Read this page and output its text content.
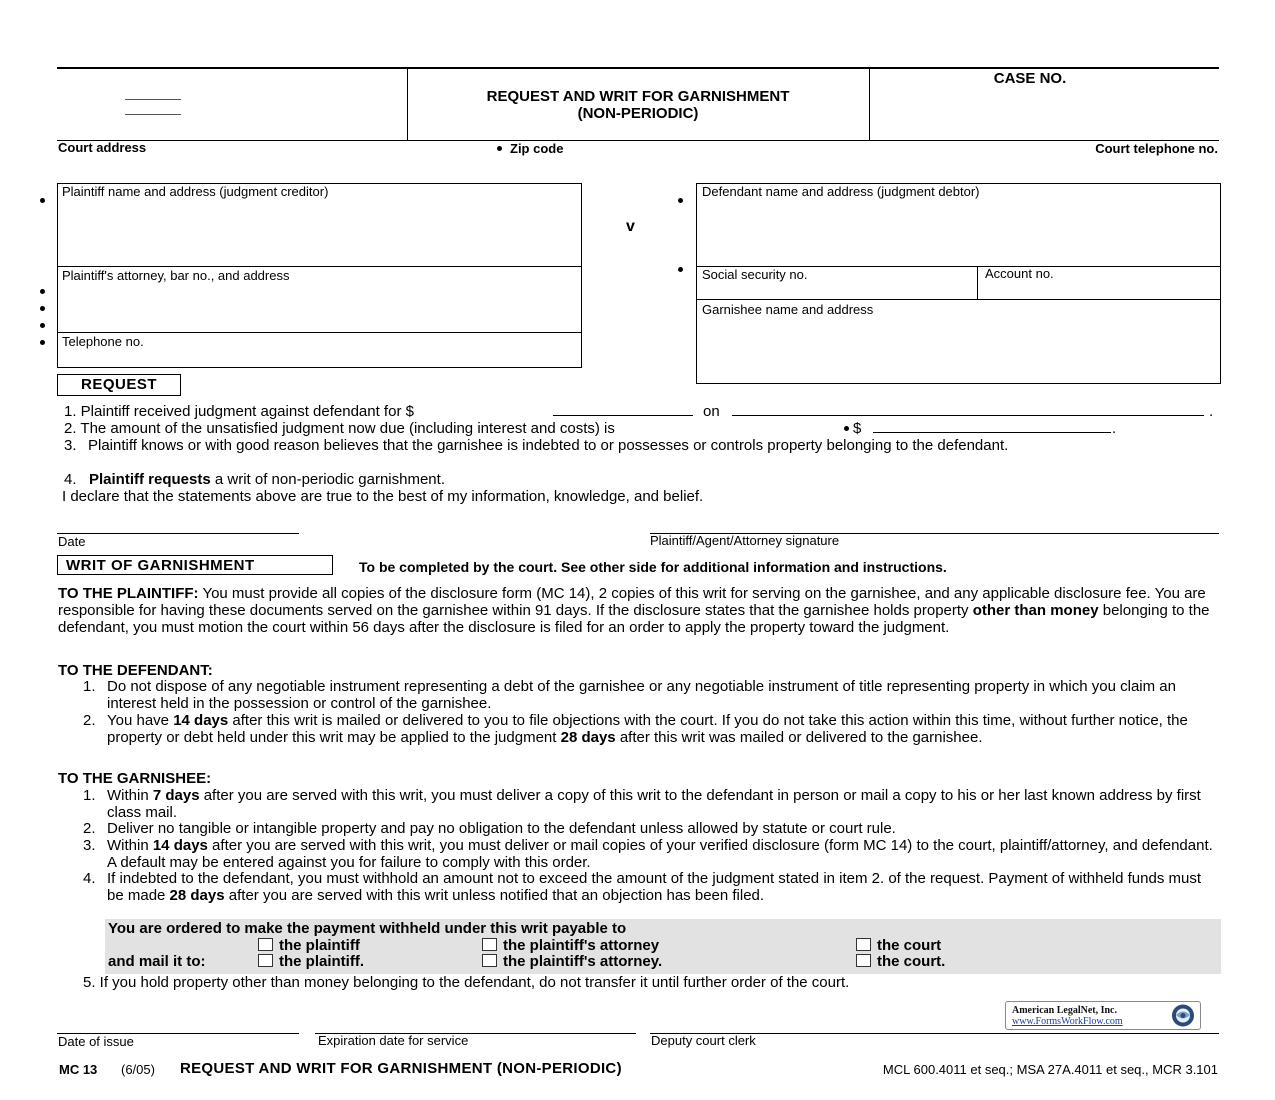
REQUEST AND WRIT FOR GARNISHMENT
(NON-PERIODIC)
CASE NO.
Court address	Zip code	Court telephone no.
Plaintiff name and address (judgment creditor)
Plaintiff's attorney, bar no., and address
Telephone no.
v
Defendant name and address (judgment debtor)
Social security no.	Account no.
Garnishee name and address
REQUEST
1. Plaintiff received judgment against defendant for $	on	.
2. The amount of the unsatisfied judgment now due (including interest and costs) is	$	.
3. Plaintiff knows or with good reason believes that the garnishee is indebted to or possesses or controls property belonging to the defendant.
4. Plaintiff requests a writ of non-periodic garnishment.
I declare that the statements above are true to the best of my information, knowledge, and belief.
Date	Plaintiff/Agent/Attorney signature
WRIT OF GARNISHMENT	To be completed by the court. See other side for additional information and instructions.
TO THE PLAINTIFF: You must provide all copies of the disclosure form (MC 14), 2 copies of this writ for serving on the garnishee, and any applicable disclosure fee. You are responsible for having these documents served on the garnishee within 91 days. If the disclosure states that the garnishee holds property other than money belonging to the defendant, you must motion the court within 56 days after the disclosure is filed for an order to apply the property toward the judgment.
TO THE DEFENDANT:
1. Do not dispose of any negotiable instrument representing a debt of the garnishee or any negotiable instrument of title representing property in which you claim an interest held in the possession or control of the garnishee.
2. You have 14 days after this writ is mailed or delivered to you to file objections with the court. If you do not take this action within this time, without further notice, the property or debt held under this writ may be applied to the judgment 28 days after this writ was mailed or delivered to the garnishee.
TO THE GARNISHEE:
1. Within 7 days after you are served with this writ, you must deliver a copy of this writ to the defendant in person or mail a copy to his or her last known address by first class mail.
2. Deliver no tangible or intangible property and pay no obligation to the defendant unless allowed by statute or court rule.
3. Within 14 days after you are served with this writ, you must deliver or mail copies of your verified disclosure (form MC 14) to the court, plaintiff/attorney, and defendant. A default may be entered against you for failure to comply with this order.
4. If indebted to the defendant, you must withhold an amount not to exceed the amount of the judgment stated in item 2. of the request. Payment of withheld funds must be made 28 days after you are served with this writ unless notified that an objection has been filed.
You are ordered to make the payment withheld under this writ payable to
the plaintiff	the plaintiff's attorney	the court
and mail it to:	the plaintiff.	the plaintiff's attorney.	the court.
5. If you hold property other than money belonging to the defendant, do not transfer it until further order of the court.
American LegalNet, Inc.
www.FormsWorkFlow.com
Date of issue	Expiration date for service	Deputy court clerk
MC 13 (6/05) REQUEST AND WRIT FOR GARNISHMENT (NON-PERIODIC)	MCL 600.4011 et seq.; MSA 27A.4011 et seq., MCR 3.101
